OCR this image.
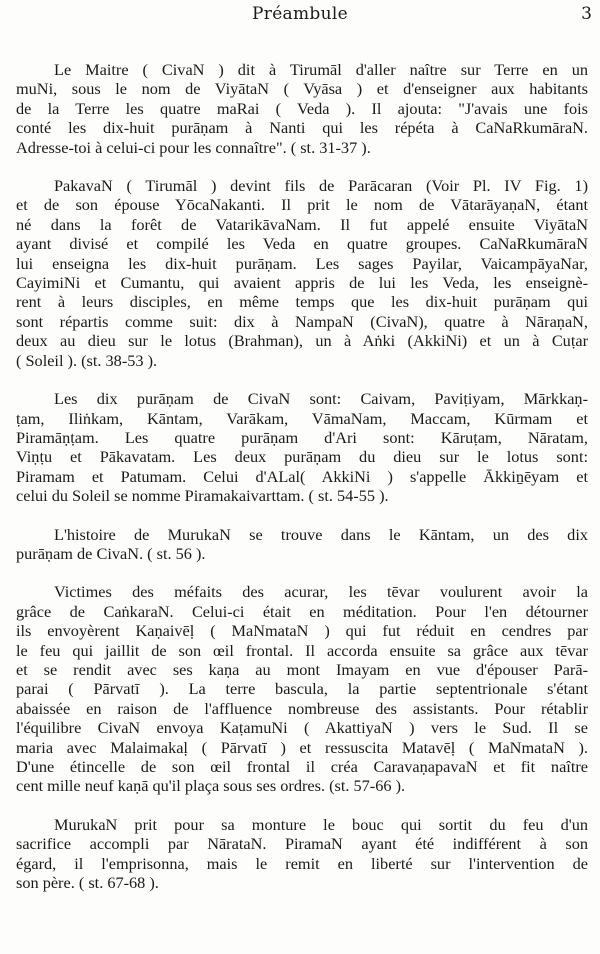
Préambule	3
Le Maitre ( CivaN ) dit à Tirumāl d'aller naître sur Terre en un
muNi, sous le nom de ViyātaN ( Vyāsa ) et d'enseigner aux habitants
de la Terre les quatre maRai ( Veda ). Il ajouta: "J'avais une fois
conté les dix-huit purāṇam à Nanti qui les répéta à CaNaRkumāraN.
Adresse-toi à celui-ci pour les connaître". ( st. 31-37 ).
PakavaN ( Tirumāl ) devint fils de Parācaran (Voir Pl. IV Fig. 1)
et de son épouse YōcaNakanti. Il prit le nom de VātarāyaṇaN, étant
né dans la forêt de VatarikāvaNam. Il fut appelé ensuite ViyātaN
ayant divisé et compilé les Veda en quatre groupes. CaNaRkumāraN
lui enseigna les dix-huit purāṇam. Les sages Payilar, VaicampāyaNar,
CayimiNi et Cumantu, qui avaient appris de lui les Veda, les enseignè-
rent à leurs disciples, en même temps que les dix-huit purāṇam qui
sont répartis comme suit: dix à NampaN (CivaN), quatre à NāraṇaN,
deux au dieu sur le lotus (Brahman), un à Aṅki (AkkiNi) et un à Cuṭar
( Soleil ). (st. 38-53 ).
Les dix purāṇam de CivaN sont: Caivam, Paviṭiyam, Mārkkaṇ-
ṭam, Iliṅkam, Kāntam, Varākam, VāmaNam, Maccam, Kūrmam et
Piramāṇṭam. Les quatre purāṇam d'Ari sont: Kāruṭam, Nāratam,
Viṇṭu et Pākavatam. Les deux purāṇam du dieu sur le lotus sont:
Piramam et Patumam. Celui d'ALal( AkkiNi ) s'appelle Ākkiṉēyam et
celui du Soleil se nomme Piramakaivarttam. ( st. 54-55 ).
L'histoire de MurukaN se trouve dans le Kāntam, un des dix
purāṇam de CivaN. ( st. 56 ).
Victimes des méfaits des acurar, les tēvar voulurent avoir la
grâce de CaṅkaraN. Celui-ci était en méditation. Pour l'en détourner
ils envoyèrent Kaṇaivēḷ ( MaNmataN ) qui fut réduit en cendres par
le feu qui jaillit de son œil frontal. Il accorda ensuite sa grâce aux tēvar
et se rendit avec ses kaṇa au mont Imayam en vue d'épouser Parā-
parai ( Pārvatī ). La terre bascula, la partie septentrionale s'étant
abaissée en raison de l'affluence nombreuse des assistants. Pour rétablir
l'équilibre CivaN envoya KaṭamuNi ( AkattiyaN ) vers le Sud. Il se
maria avec Malaimakaḷ ( Pārvatī ) et ressuscita Matavēḷ ( MaNmataN ).
D'une étincelle de son œil frontal il créa CaravaṇapavaN et fit naître
cent mille neuf kaṇā qu'il plaça sous ses ordres. (st. 57-66 ).
MurukaN prit pour sa monture le bouc qui sortit du feu d'un
sacrifice accompli par NārataN. PiramaN ayant été indifférent à son
égard, il l'emprisonna, mais le remit en liberté sur l'intervention de
son père. ( st. 67-68 ).
